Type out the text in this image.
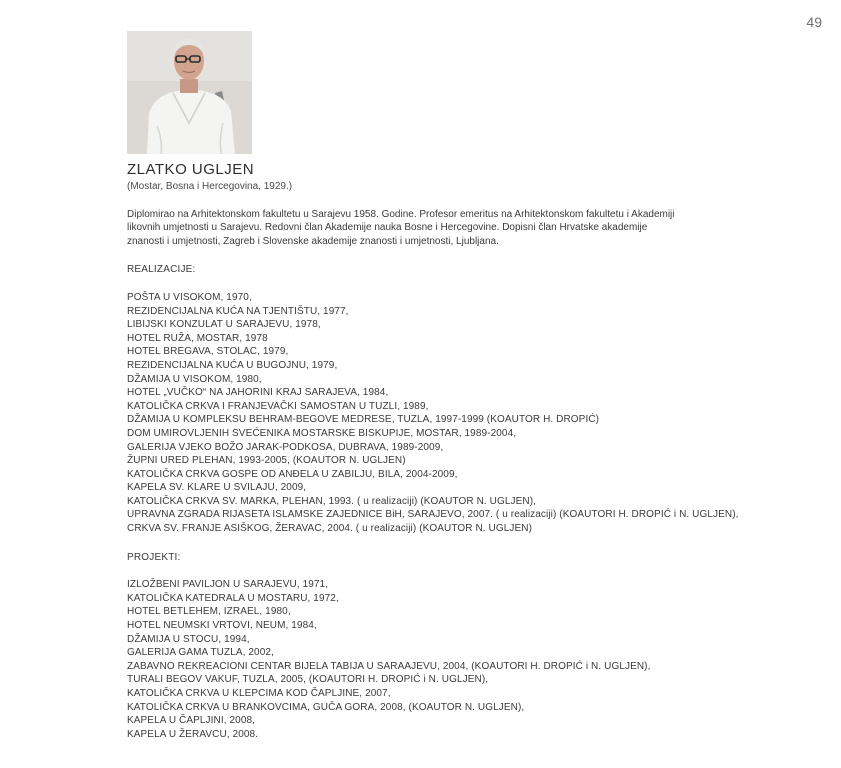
49
ZLATKO UGLJEN
(Mostar, Bosna i Hercegovina, 1929.)
Diplomirao na Arhitektonskom fakultetu u Sarajevu 1958. Godine. Profesor emeritus na Arhitektonskom fakultetu i Akademiji
likovnih umjetnosti u Sarajevu. Redovni član Akademije nauka Bosne i Hercegovine. Dopisni član Hrvatske akademije
znanosti i umjetnosti, Zagreb i Slovenske akademije znanosti i umjetnosti, Ljubljana.
REALIZACIJE:
POŠTA U VISOKOM, 1970,
REZIDENCIJALNA KUĆA NA TJENTIŠTU, 1977,
LIBIJSKI KONZULAT U SARAJEVU, 1978,
HOTEL RUŽA, MOSTAR, 1978
HOTEL BREGAVA, STOLAC, 1979,
REZIDENCIJALNA KUĆA U BUGOJNU, 1979,
DŽAMIJA U VISOKOM, 1980,
HOTEL „VUČKO“ NA JAHORINI KRAJ SARAJEVA, 1984,
KATOLIČKA CRKVA I FRANJEVAČKI SAMOSTAN U TUZLI, 1989,
DŽAMIJA U KOMPLEKSU BEHRAM-BEGOVE MEDRESE, TUZLA, 1997-1999 (KOAUTOR H. DROPIĆ)
DOM UMIROVLJENIH SVEĆENIKA MOSTARSKE BISKUPIJE, MOSTAR, 1989-2004,
GALERIJA VJEKO BOŽO JARAK-PODKOSA, DUBRAVA, 1989-2009,
ŽUPNI URED PLEHAN, 1993-2005, (KOAUTOR N. UGLJEN)
KATOLIČKA CRKVA GOSPE OD ANĐELA U ZABILJU, BILA, 2004-2009,
KAPELA SV. KLARE U SVILAJU, 2009,
KATOLIČKA CRKVA SV. MARKA, PLEHAN, 1993. ( u realizaciji) (KOAUTOR N. UGLJEN),
UPRAVNA ZGRADA RIJASETA ISLAMSKE ZAJEDNICE BiH, SARAJEVO, 2007. ( u realizaciji) (KOAUTORI H. DROPIĆ i N. UGLJEN),
CRKVA SV. FRANJE ASIŠKOG, ŽERAVAC, 2004. ( u realizaciji) (KOAUTOR N. UGLJEN)
PROJEKTI:
IZLOŽBENI PAVILJON U SARAJEVU, 1971,
KATOLIČKA KATEDRALA U MOSTARU, 1972,
HOTEL BETLEHEM, IZRAEL, 1980,
HOTEL NEUMSKI VRTOVI, NEUM, 1984,
DŽAMIJA U STOCU, 1994,
GALERIJA GAMA TUZLA, 2002,
ZABAVNO REKREACIONI CENTAR BIJELA TABIJA U SARAAJEVU, 2004, (KOAUTORI H. DROPIĆ i N. UGLJEN),
TURALI BEGOV VAKUF, TUZLA, 2005, (KOAUTORI H. DROPIĆ i N. UGLJEN),
KATOLIČKA CRKVA U KLEPCIMA KOD ČAPLJINE, 2007,
KATOLIČKA CRKVA U BRANKOVCIMA, GUČA GORA, 2008, (KOAUTOR N. UGLJEN),
KAPELA U ČAPLJINI, 2008,
KAPELA U ŽERAVCU, 2008.
